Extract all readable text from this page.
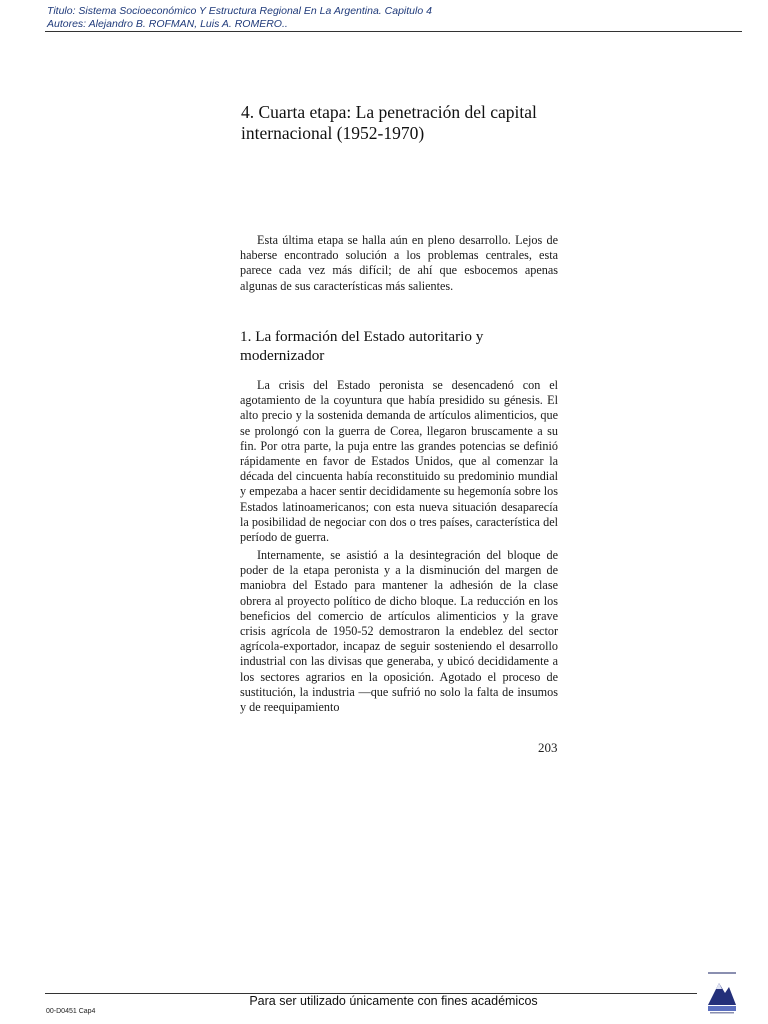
Titulo: Sistema Socioeconómico Y Estructura Regional En La Argentina. Capitulo 4
Autores: Alejandro B. ROFMAN, Luis A. ROMERO..
4. Cuarta etapa: La penetración del capital
internacional (1952-1970)

Esta última etapa se halla aún en pleno desarrollo. Lejos de haberse encontrado solución a los problemas centrales, esta parece cada vez más difícil; de ahí que esbocemos apenas algunas de sus características más salientes.

1. La formación del Estado autoritario y
modernizador

La crisis del Estado peronista se desencadenó con el agotamiento de la coyuntura que había presidido su génesis. El alto precio y la sostenida demanda de artículos alimenticios, que se prolongó con la guerra de Corea, llegaron bruscamente a su fin. Por otra parte, la puja entre las grandes potencias se definió rápidamente en favor de Estados Unidos, que al comenzar la década del cincuenta había reconstituido su predominio mundial y empezaba a hacer sentir decididamente su hegemonía sobre los Estados latinoamericanos; con esta nueva situación desaparecía la posibilidad de negociar con dos o tres países, característica del período de guerra.

Internamente, se asistió a la desintegración del bloque de poder de la etapa peronista y a la disminución del margen de maniobra del Estado para mantener la adhesión de la clase obrera al proyecto político de dicho bloque. La reducción en los beneficios del comercio de artículos alimenticios y la grave crisis agrícola de 1950-52 demostraron la endeblez del sector agrícola-exportador, incapaz de seguir sosteniendo el desarrollo industrial con las divisas que generaba, y ubicó decididamente a los sectores agrarios en la oposición. Agotado el proceso de sustitución, la industria —que sufrió no solo la falta de insumos y de reequipamiento

203
Para ser utilizado únicamente con fines académicos
00-D0451 Cap4
